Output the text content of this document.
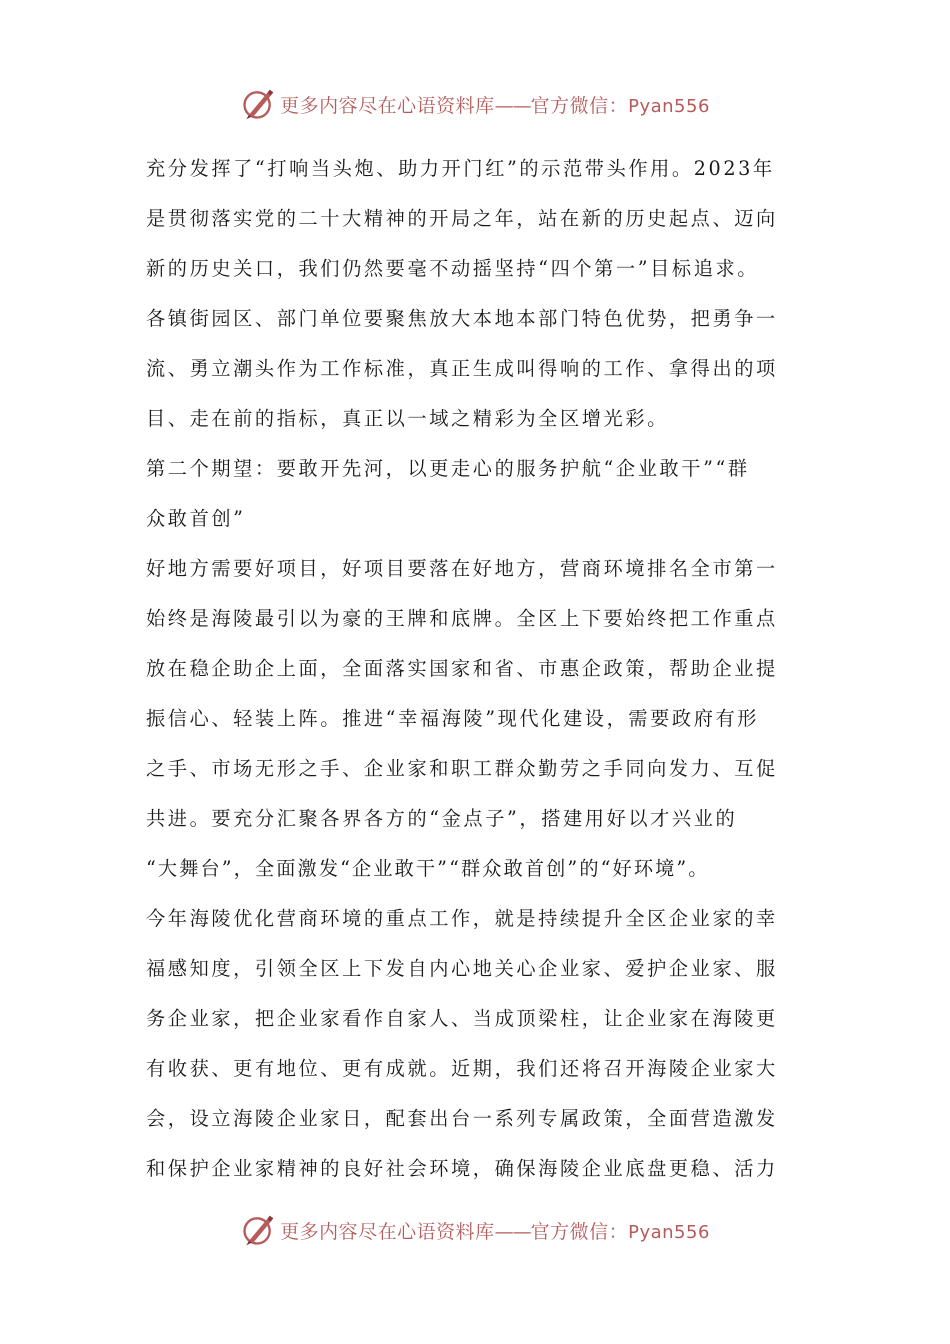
更多内容尽在心语资料库——官方微信：Pyan556
充分发挥了“打响当头炮、助力开门红”的示范带头作用。2023年
是贯彻落实党的二十大精神的开局之年，站在新的历史起点、迈向
新的历史关口，我们仍然要毫不动摇坚持“四个第一”目标追求。
各镇街园区、部门单位要聚焦放大本地本部门特色优势，把勇争一
流、勇立潮头作为工作标准，真正生成叫得响的工作、拿得出的项
目、走在前的指标，真正以一域之精彩为全区增光彩。
第二个期望：要敢开先河，以更走心的服务护航“企业敢干”“群
众敢首创”
好地方需要好项目，好项目要落在好地方，营商环境排名全市第一
始终是海陵最引以为豪的王牌和底牌。全区上下要始终把工作重点
放在稳企助企上面，全面落实国家和省、市惠企政策，帮助企业提
振信心、轻装上阵。推进“幸福海陵”现代化建设，需要政府有形
之手、市场无形之手、企业家和职工群众勤劳之手同向发力、互促
共进。要充分汇聚各界各方的“金点子”，搭建用好以才兴业的
“大舞台”，全面激发“企业敢干”“群众敢首创”的“好环境”。
今年海陵优化营商环境的重点工作，就是持续提升全区企业家的幸
福感知度，引领全区上下发自内心地关心企业家、爱护企业家、服
务企业家，把企业家看作自家人、当成顶梁柱，让企业家在海陵更
有收获、更有地位、更有成就。近期，我们还将召开海陵企业家大
会，设立海陵企业家日，配套出台一系列专属政策，全面营造激发
和保护企业家精神的良好社会环境，确保海陵企业底盘更稳、活力
更多内容尽在心语资料库——官方微信：Pyan556
